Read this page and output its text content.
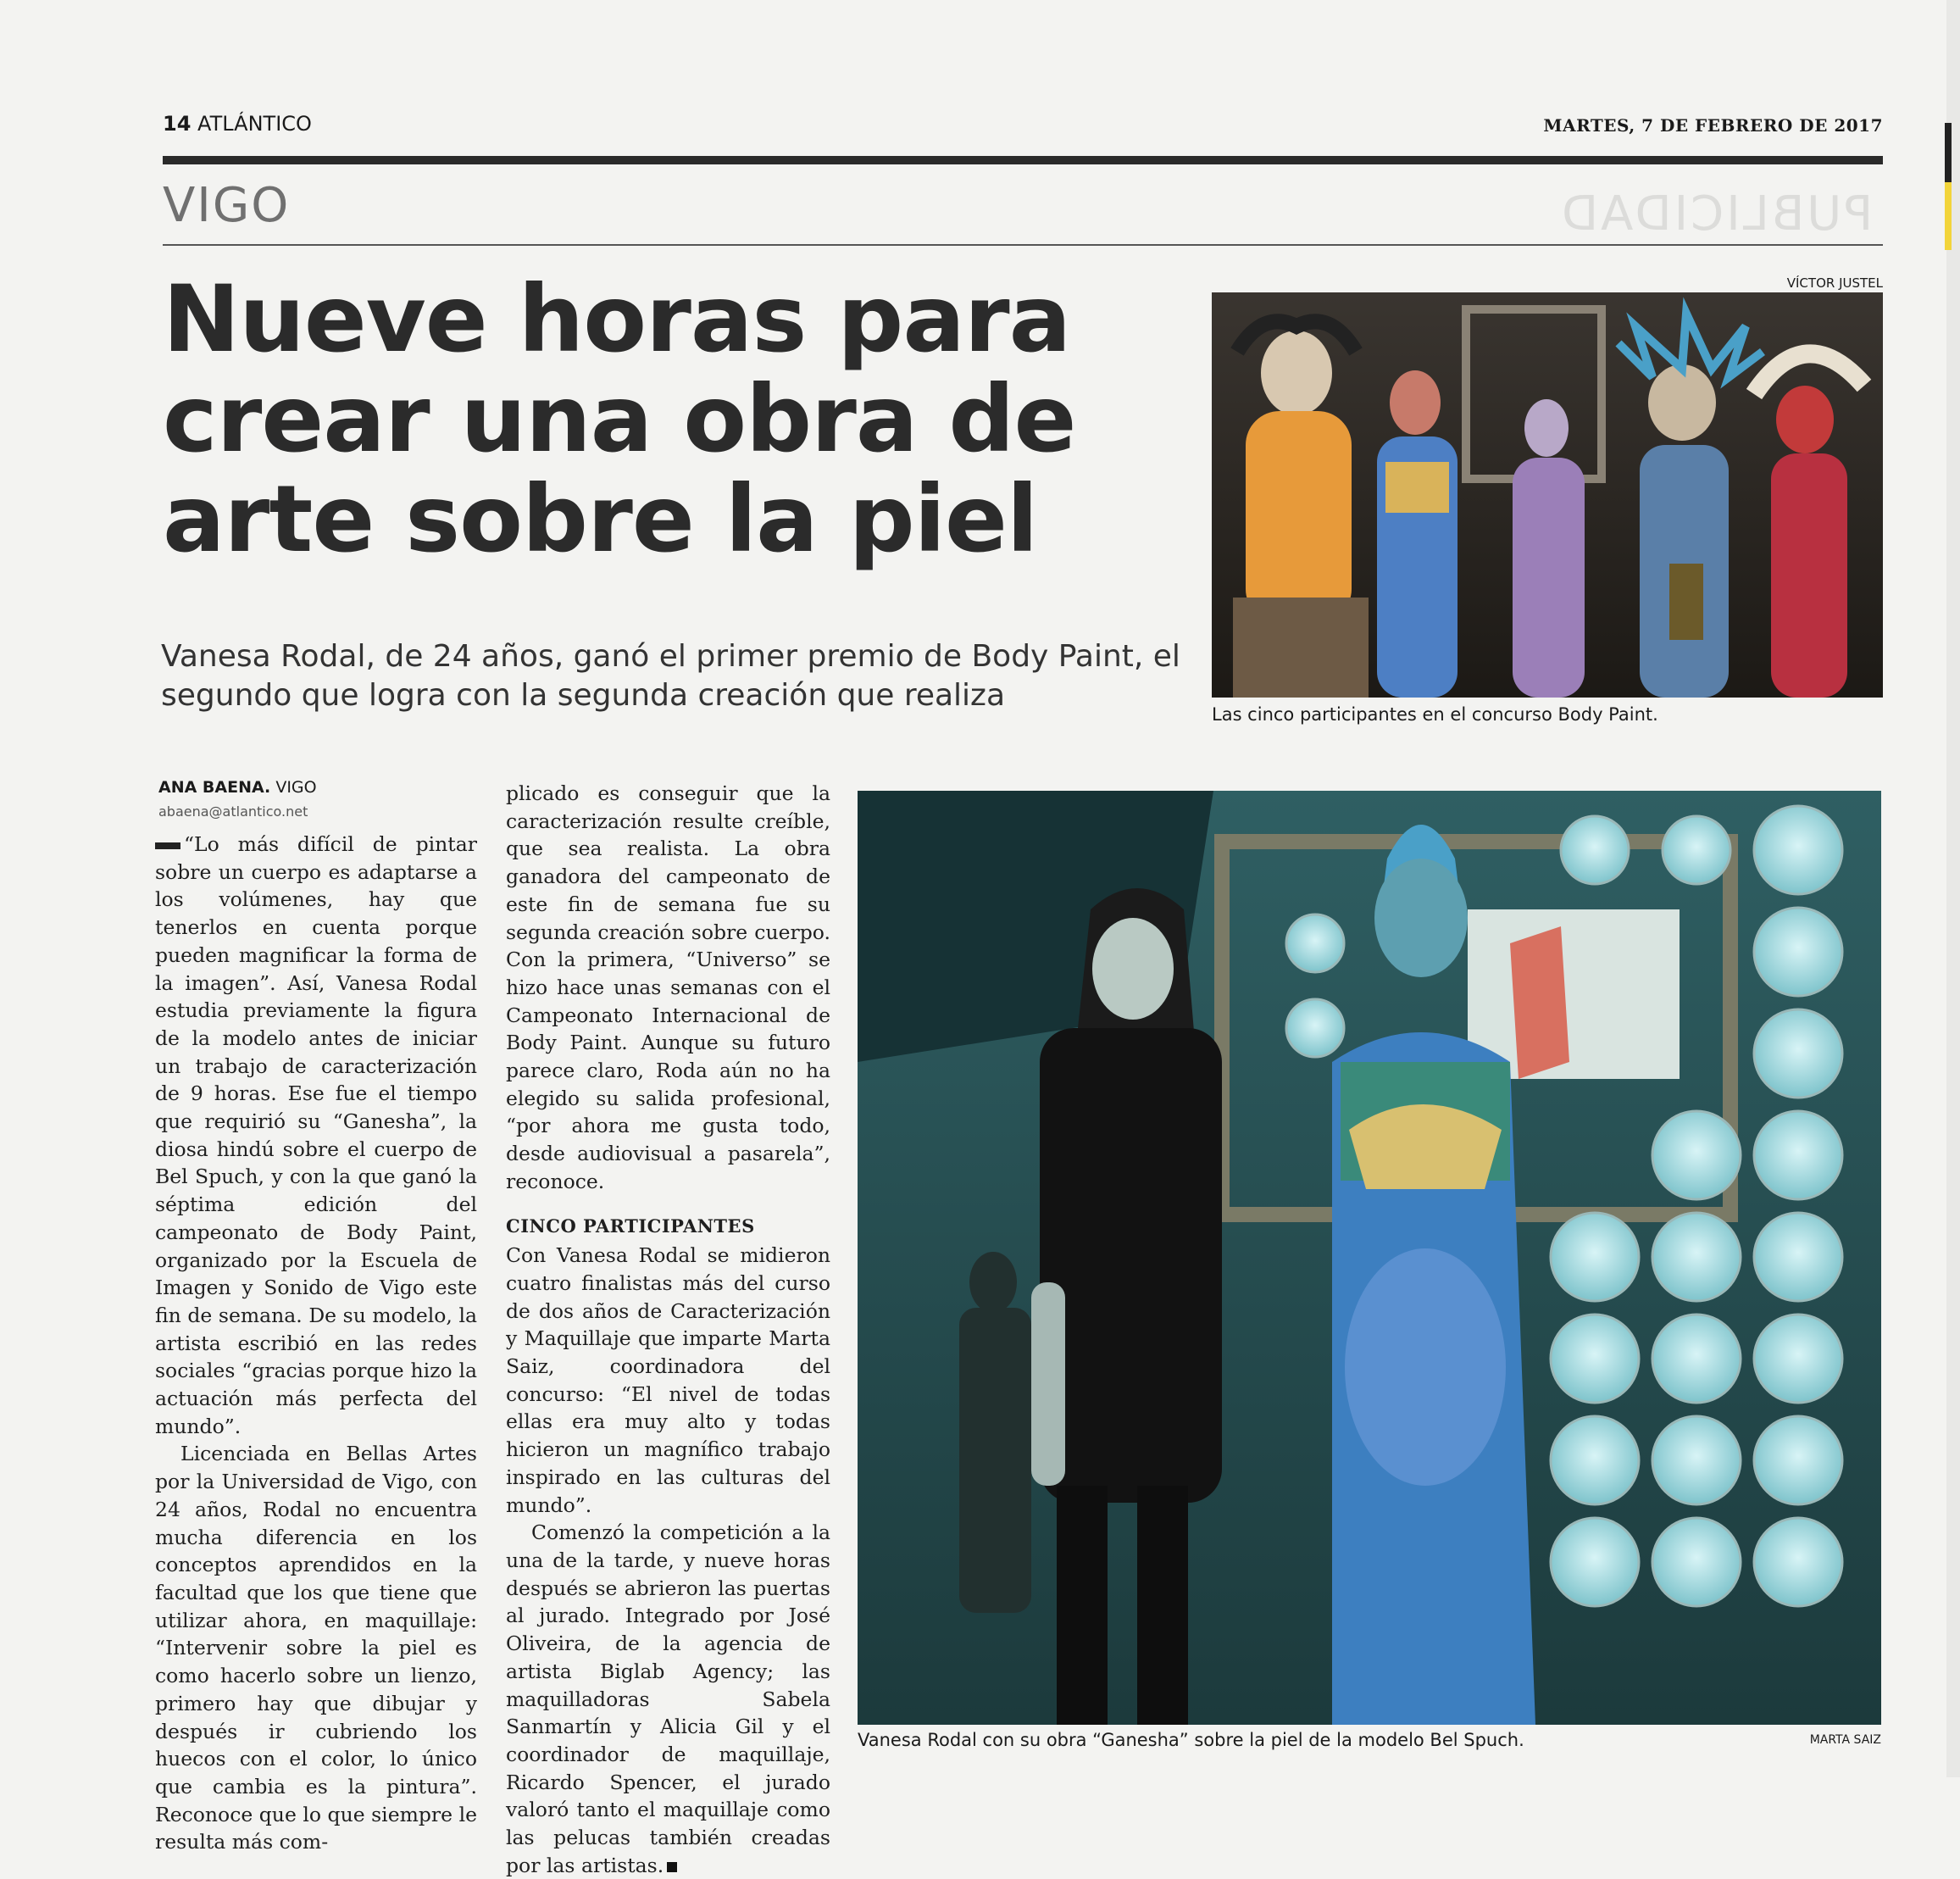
14 ATLÁNTICO	MARTES, 7 DE FEBRERO DE 2017
VIGO	PUBLICIDAD
Nueve horas para crear una obra de arte sobre la piel
Vanesa Rodal, de 24 años, ganó el primer premio de Body Paint, el segundo que logra con la segunda creación que realiza
VÍCTOR JUSTEL
Las cinco participantes en el concurso Body Paint.
ANA BAENA. VIGO
abaena@atlantico.net

“Lo más difícil de pintar sobre un cuerpo es adaptarse a los volúmenes, hay que tenerlos en cuenta porque pueden magnificar la forma de la imagen”. Así, Vanesa Rodal estudia previamente la figura de la modelo antes de iniciar un trabajo de caracterización de 9 horas. Ese fue el tiempo que requirió su “Ganesha”, la diosa hindú sobre el cuerpo de Bel Spuch, y con la que ganó la séptima edición del campeonato de Body Paint, organizado por la Escuela de Imagen y Sonido de Vigo este fin de semana. De su modelo, la artista escribió en las redes sociales “gracias porque hizo la actuación más perfecta del mundo”.

Licenciada en Bellas Artes por la Universidad de Vigo, con 24 años, Rodal no encuentra mucha diferencia en los conceptos aprendidos en la facultad que los que tiene que utilizar ahora, en maquillaje: “Intervenir sobre la piel es como hacerlo sobre un lienzo, primero hay que dibujar y después ir cubriendo los huecos con el color, lo único que cambia es la pintura”. Reconoce que lo que siempre le resulta más com-

plicado es conseguir que la caracterización resulte creíble, que sea realista. La obra ganadora del campeonato de este fin de semana fue su segunda creación sobre cuerpo. Con la primera, “Universo” se hizo hace unas semanas con el Campeonato Internacional de Body Paint. Aunque su futuro parece claro, Roda aún no ha elegido su salida profesional, “por ahora me gusta todo, desde audiovisual a pasarela”, reconoce.

CINCO PARTICIPANTES

Con Vanesa Rodal se midieron cuatro finalistas más del curso de dos años de Caracterización y Maquillaje que imparte Marta Saiz, coordinadora del concurso: “El nivel de todas ellas era muy alto y todas hicieron un magnífico trabajo inspirado en las culturas del mundo”.

Comenzó la competición a la una de la tarde, y nueve horas después se abrieron las puertas al jurado. Integrado por José Oliveira, de la agencia de artista Biglab Agency; las maquilladoras Sabela Sanmartín y Alicia Gil y el coordinador de maquillaje, Ricardo Spencer, el jurado valoró tanto el maquillaje como las pelucas también creadas por las artistas.

Vanesa Rodal con su obra “Ganesha” sobre la piel de la modelo Bel Spuch.	MARTA SAIZ
